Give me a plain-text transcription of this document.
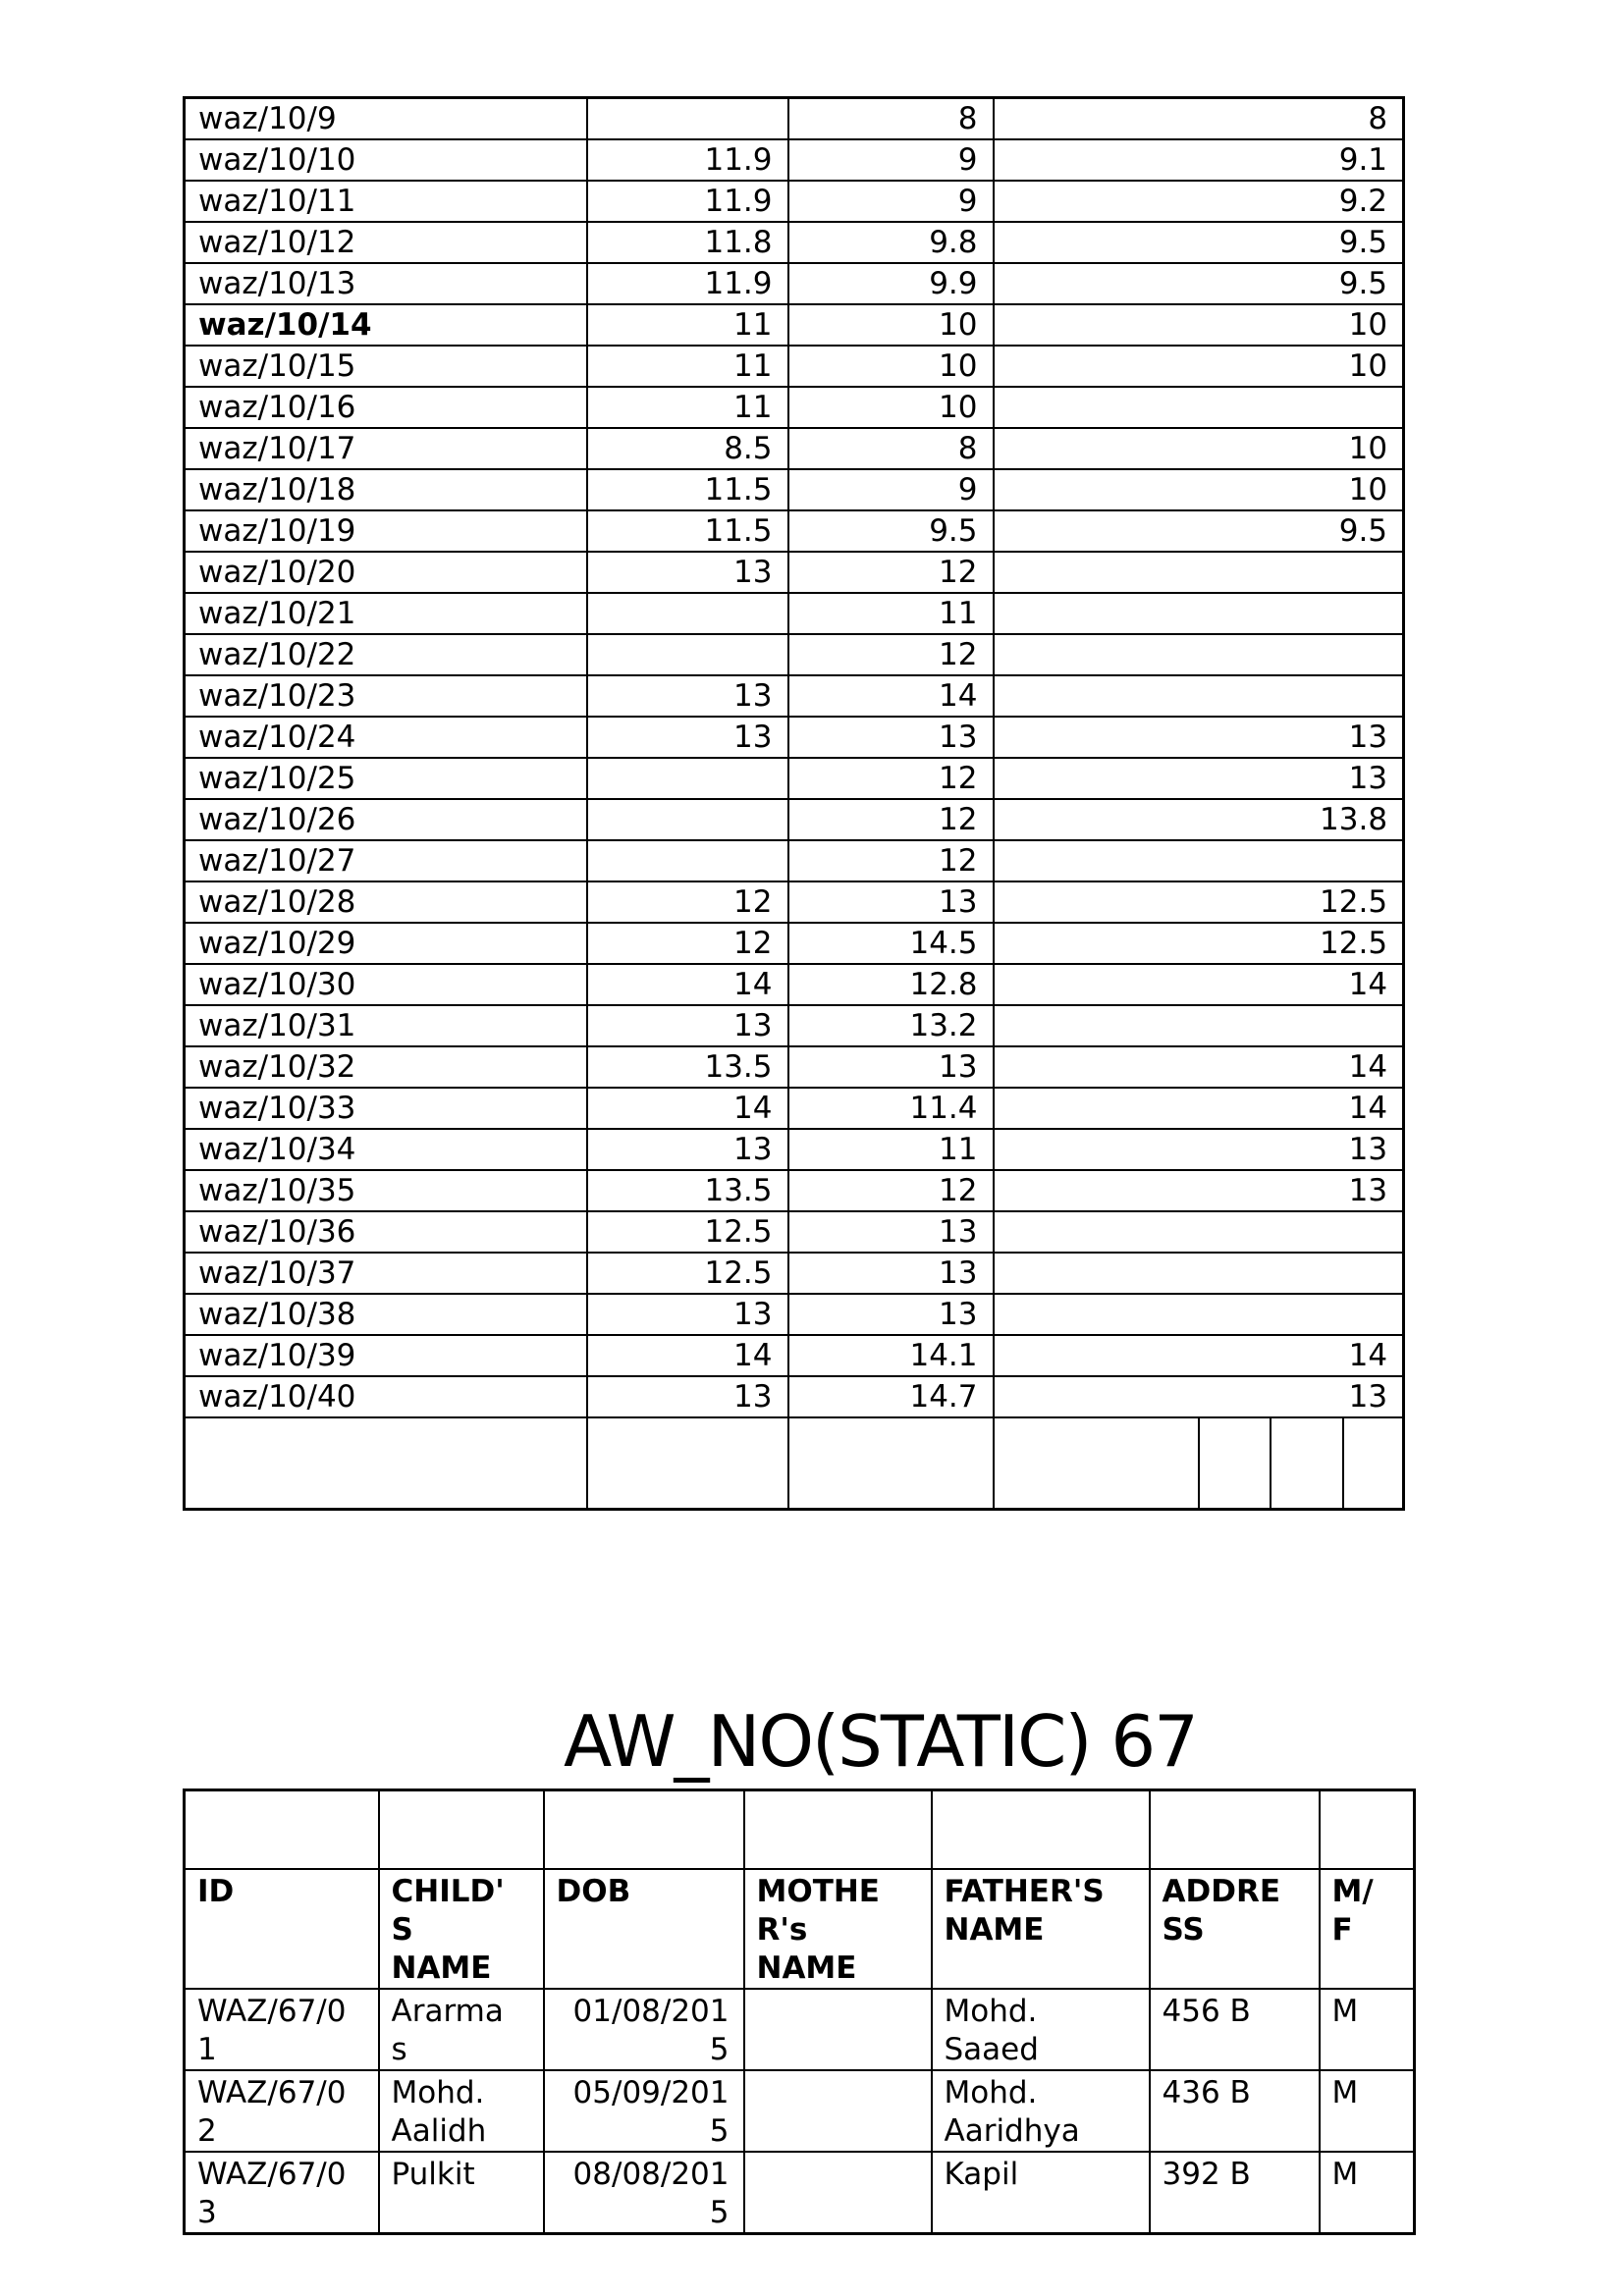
waz/10/9		8	8			
waz/10/10	11.9	9	9.1			
waz/10/11	11.9	9	9.2			
waz/10/12	11.8	9.8	9.5			
waz/10/13	11.9	9.9	9.5			
waz/10/14	11	10	10			
waz/10/15	11	10	10			
waz/10/16	11	10				
waz/10/17	8.5	8	10			
waz/10/18	11.5	9	10			
waz/10/19	11.5	9.5	9.5			
waz/10/20	13	12				
waz/10/21		11				
waz/10/22		12				
waz/10/23	13	14				
waz/10/24	13	13	13			
waz/10/25		12	13			
waz/10/26		12	13.8			
waz/10/27		12				
waz/10/28	12	13	12.5			
waz/10/29	12	14.5	12.5			
waz/10/30	14	12.8	14			
waz/10/31	13	13.2				
waz/10/32	13.5	13	14			
waz/10/33	14	11.4	14			
waz/10/34	13	11	13			
waz/10/35	13.5	12	13			
waz/10/36	12.5	13				
waz/10/37	12.5	13				
waz/10/38	13	13				
waz/10/39	14	14.1	14			
waz/10/40	13	14.7	13			

AW_NO(STATIC) 67

ID	CHILD'
S
NAME	DOB	MOTHE
R's
NAME	FATHER'S
NAME	ADDRE
SS	M/
F
WAZ/67/0
1	Ararma
s	01/08/201
5		Mohd.
Saaed	456 B	M
WAZ/67/0
2	Mohd.
Aalidh	05/09/201
5		Mohd.
Aaridhya	436 B	M
WAZ/67/0
3	Pulkit	08/08/201
5		Kapil	392 B	M
